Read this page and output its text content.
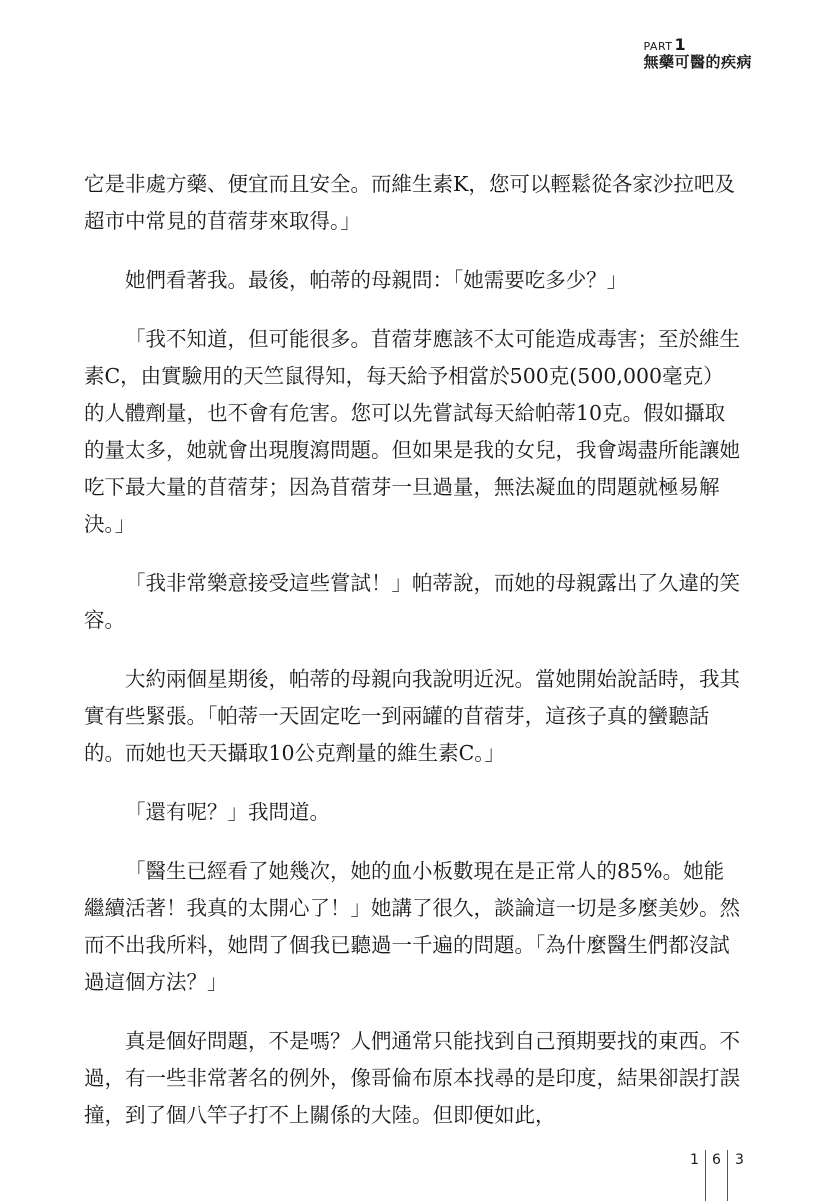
PART 1
無藥可醫的疾病

它是非處方藥、便宜而且安全。而維生素K，您可以輕鬆從各家沙拉吧及超市中常見的苜蓿芽來取得。」

她們看著我。最後，帕蒂的母親問：「她需要吃多少？」

「我不知道，但可能很多。苜蓿芽應該不太可能造成毒害；至於維生素C，由實驗用的天竺鼠得知，每天給予相當於500克(500,000毫克）的人體劑量，也不會有危害。您可以先嘗試每天給帕蒂10克。假如攝取的量太多，她就會出現腹瀉問題。但如果是我的女兒，我會竭盡所能讓她吃下最大量的苜蓿芽；因為苜蓿芽一旦過量，無法凝血的問題就極易解決。」

「我非常樂意接受這些嘗試！」帕蒂說，而她的母親露出了久違的笑容。

大約兩個星期後，帕蒂的母親向我說明近況。當她開始說話時，我其實有些緊張。「帕蒂一天固定吃一到兩罐的苜蓿芽，這孩子真的蠻聽話的。而她也天天攝取10公克劑量的維生素C。」

「還有呢？」我問道。

「醫生已經看了她幾次，她的血小板數現在是正常人的85%。她能繼續活著！我真的太開心了！」她講了很久，談論這一切是多麼美妙。然而不出我所料，她問了個我已聽過一千遍的問題。「為什麼醫生們都沒試過這個方法？」

真是個好問題，不是嗎？人們通常只能找到自己預期要找的東西。不過，有一些非常著名的例外，像哥倫布原本找尋的是印度，結果卻誤打誤撞，到了個八竿子打不上關係的大陸。但即便如此，

1 6 3
